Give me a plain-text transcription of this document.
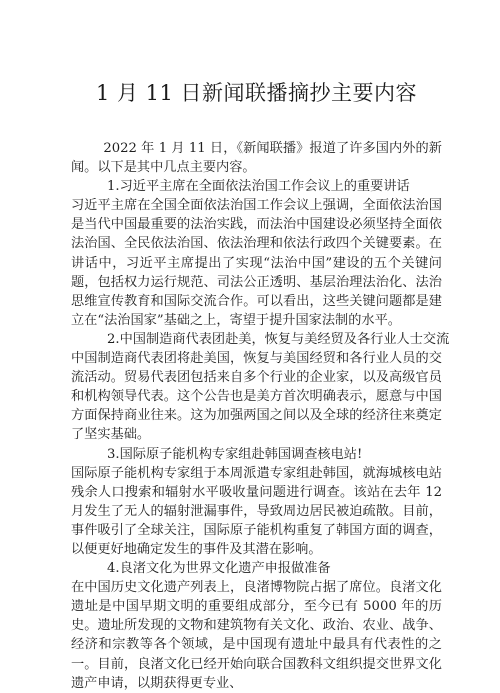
1 月 11 日新闻联播摘抄主要内容

2022 年 1 月 11 日，《新闻联播》报道了许多国内外的新闻。以下是其中几点主要内容。

1.习近平主席在全面依法治国工作会议上的重要讲话

习近平主席在全国全面依法治国工作会议上强调，全面依法治国是当代中国最重要的法治实践，而法治中国建设必须坚持全面依法治国、全民依法治国、依法治理和依法行政四个关键要素。在讲话中，习近平主席提出了实现“法治中国”建设的五个关键问题，包括权力运行规范、司法公正透明、基层治理法治化、法治思维宣传教育和国际交流合作。可以看出，这些关键问题都是建立在“法治国家”基础之上，寄望于提升国家法制的水平。

2.中国制造商代表团赴美，恢复与美经贸及各行业人士交流

中国制造商代表团将赴美国，恢复与美国经贸和各行业人员的交流活动。贸易代表团包括来自多个行业的企业家，以及高级官员和机构领导代表。这个公告也是美方首次明确表示，愿意与中国方面保持商业往来。这为加强两国之间以及全球的经济往来奠定了坚实基础。

3.国际原子能机构专家组赴韩国调查核电站!

国际原子能机构专家组于本周派遣专家组赴韩国，就海城核电站残余人口搜索和辐射水平吸收量问题进行调查。该站在去年 12 月发生了无人的辐射泄漏事件，导致周边居民被迫疏散。目前，事件吸引了全球关注，国际原子能机构重复了韩国方面的调查，以便更好地确定发生的事件及其潜在影响。

4.良渚文化为世界文化遗产申报做准备

在中国历史文化遗产列表上，良渚博物院占据了席位。良渚文化遗址是中国早期文明的重要组成部分，至今已有 5000 年的历史。遗址所发现的文物和建筑物有关文化、政治、农业、战争、经济和宗教等各个领域，是中国现有遗址中最具有代表性的之一。目前，良渚文化已经开始向联合国教科文组织提交世界文化遗产申请，以期获得更专业、
